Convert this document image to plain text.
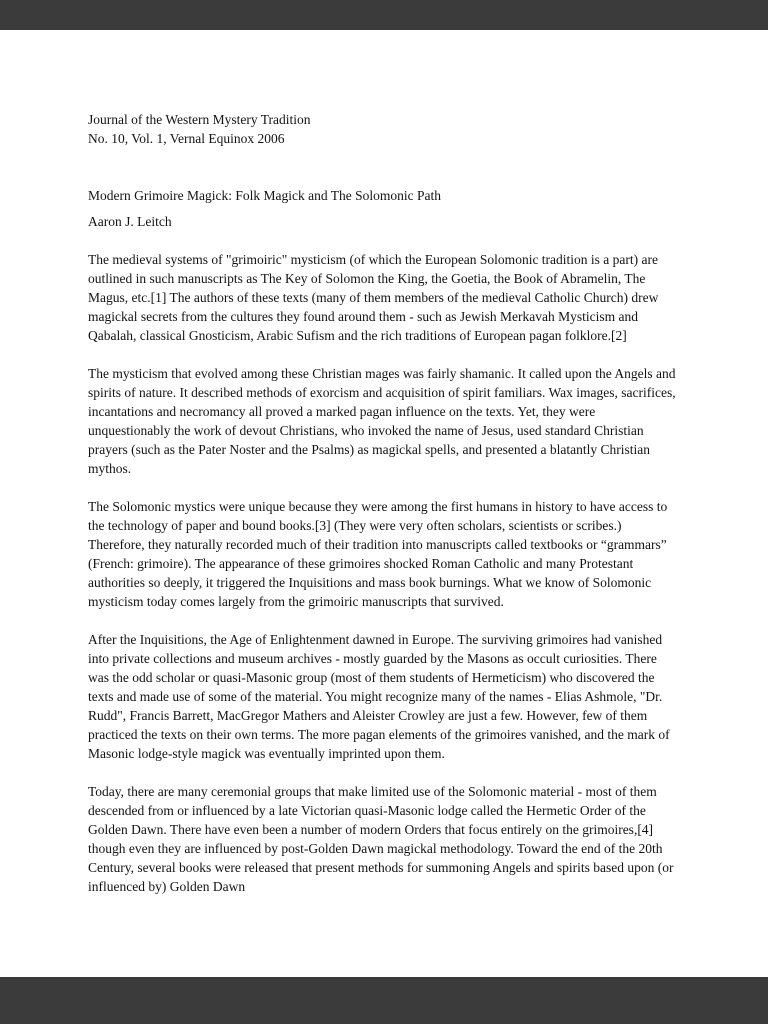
Journal of the Western Mystery Tradition
No. 10, Vol. 1, Vernal Equinox 2006
Modern Grimoire Magick: Folk Magick and The Solomonic Path
Aaron J. Leitch

The medieval systems of "grimoiric" mysticism (of which the European Solomonic tradition is a part) are outlined in such manuscripts as The Key of Solomon the King, the Goetia, the Book of Abramelin, The Magus, etc.[1] The authors of these texts (many of them members of the medieval Catholic Church) drew magickal secrets from the cultures they found around them - such as Jewish Merkavah Mysticism and Qabalah, classical Gnosticism, Arabic Sufism and the rich traditions of European pagan folklore.[2]

The mysticism that evolved among these Christian mages was fairly shamanic. It called upon the Angels and spirits of nature. It described methods of exorcism and acquisition of spirit familiars. Wax images, sacrifices, incantations and necromancy all proved a marked pagan influence on the texts. Yet, they were unquestionably the work of devout Christians, who invoked the name of Jesus, used standard Christian prayers (such as the Pater Noster and the Psalms) as magickal spells, and presented a blatantly Christian mythos.

The Solomonic mystics were unique because they were among the first humans in history to have access to the technology of paper and bound books.[3] (They were very often scholars, scientists or scribes.) Therefore, they naturally recorded much of their tradition into manuscripts called textbooks or “grammars” (French: grimoire). The appearance of these grimoires shocked Roman Catholic and many Protestant authorities so deeply, it triggered the Inquisitions and mass book burnings. What we know of Solomonic mysticism today comes largely from the grimoiric manuscripts that survived.

After the Inquisitions, the Age of Enlightenment dawned in Europe. The surviving grimoires had vanished into private collections and museum archives - mostly guarded by the Masons as occult curiosities. There was the odd scholar or quasi-Masonic group (most of them students of Hermeticism) who discovered the texts and made use of some of the material. You might recognize many of the names - Elias Ashmole, "Dr. Rudd", Francis Barrett, MacGregor Mathers and Aleister Crowley are just a few. However, few of them practiced the texts on their own terms. The more pagan elements of the grimoires vanished, and the mark of Masonic lodge-style magick was eventually imprinted upon them.

Today, there are many ceremonial groups that make limited use of the Solomonic material - most of them descended from or influenced by a late Victorian quasi-Masonic lodge called the Hermetic Order of the Golden Dawn. There have even been a number of modern Orders that focus entirely on the grimoires,[4] though even they are influenced by post-Golden Dawn magickal methodology. Toward the end of the 20th Century, several books were released that present methods for summoning Angels and spirits based upon (or influenced by) Golden Dawn
